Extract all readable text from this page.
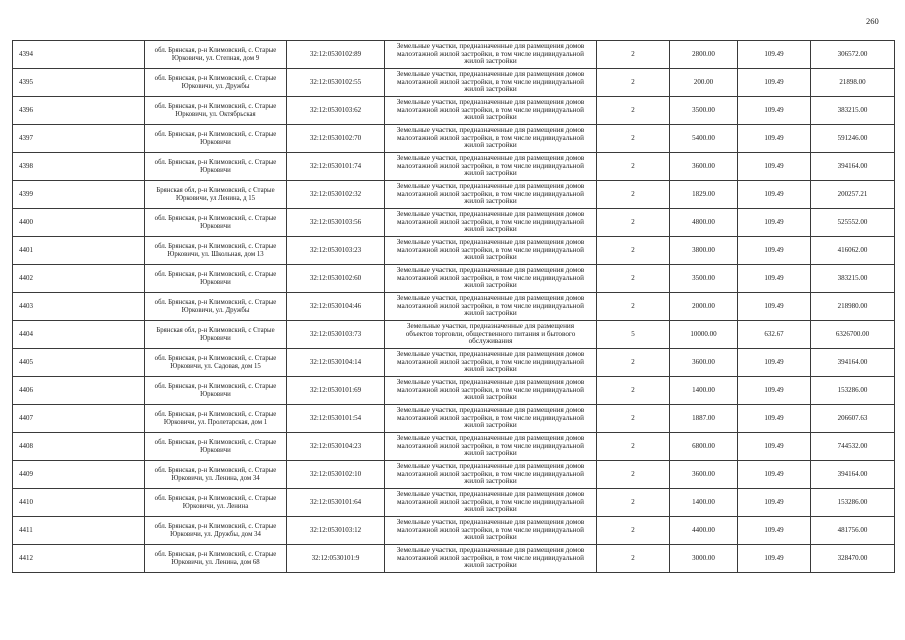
260
4394	обл. Брянская, р-н Климовский, с. Старые
Юрковичи, ул. Степная, дом 9	32:12:0530102:89	Земельные участки, предназначенные для размещения домов
малоэтажной жилой застройки, в том числе индивидуальной
жилой застройки	2	2800.00	109.49	306572.00
4395	обл. Брянская, р-н Климовский, с. Старые
Юрковичи, ул. Дружбы	32:12:0530102:55	Земельные участки, предназначенные для размещения домов
малоэтажной жилой застройки, в том числе индивидуальной
жилой застройки	2	200.00	109.49	21898.00
4396	обл. Брянская, р-н Климовский, с. Старые
Юрковичи, ул. Октябрьская	32:12:0530103:62	Земельные участки, предназначенные для размещения домов
малоэтажной жилой застройки, в том числе индивидуальной
жилой застройки	2	3500.00	109.49	383215.00
4397	обл. Брянская, р-н Климовский, с. Старые
Юрковичи	32:12:0530102:70	Земельные участки, предназначенные для размещения домов
малоэтажной жилой застройки, в том числе индивидуальной
жилой застройки	2	5400.00	109.49	591246.00
4398	обл. Брянская, р-н Климовский, с. Старые
Юрковичи	32:12:0530101:74	Земельные участки, предназначенные для размещения домов
малоэтажной жилой застройки, в том числе индивидуальной
жилой застройки	2	3600.00	109.49	394164.00
4399	Брянская обл, р-н Климовский, с Старые
Юрковичи, ул Ленина, д 15	32:12:0530102:32	Земельные участки, предназначенные для размещения домов
малоэтажной жилой застройки, в том числе индивидуальной
жилой застройки	2	1829.00	109.49	200257.21
4400	обл. Брянская, р-н Климовский, с. Старые
Юрковичи	32:12:0530103:56	Земельные участки, предназначенные для размещения домов
малоэтажной жилой застройки, в том числе индивидуальной
жилой застройки	2	4800.00	109.49	525552.00
4401	обл. Брянская, р-н Климовский, с. Старые
Юрковичи, ул. Школьная, дом 13	32:12:0530103:23	Земельные участки, предназначенные для размещения домов
малоэтажной жилой застройки, в том числе индивидуальной
жилой застройки	2	3800.00	109.49	416062.00
4402	обл. Брянская, р-н Климовский, с. Старые
Юрковичи	32:12:0530102:60	Земельные участки, предназначенные для размещения домов
малоэтажной жилой застройки, в том числе индивидуальной
жилой застройки	2	3500.00	109.49	383215.00
4403	обл. Брянская, р-н Климовский, с. Старые
Юрковичи, ул. Дружбы	32:12:0530104:46	Земельные участки, предназначенные для размещения домов
малоэтажной жилой застройки, в том числе индивидуальной
жилой застройки	2	2000.00	109.49	218980.00
4404	Брянская обл, р-н Климовский, с Старые
Юрковичи	32:12:0530103:73	Земельные участки, предназначенные для размещения
объектов торговли, общественного питания и бытового
обслуживания	5	10000.00	632.67	6326700.00
4405	обл. Брянская, р-н Климовский, с. Старые
Юрковичи, ул. Садовая, дом 15	32:12:0530104:14	Земельные участки, предназначенные для размещения домов
малоэтажной жилой застройки, в том числе индивидуальной
жилой застройки	2	3600.00	109.49	394164.00
4406	обл. Брянская, р-н Климовский, с. Старые
Юрковичи	32:12:0530101:69	Земельные участки, предназначенные для размещения домов
малоэтажной жилой застройки, в том числе индивидуальной
жилой застройки	2	1400.00	109.49	153286.00
4407	обл. Брянская, р-н Климовский, с. Старые
Юрковичи, ул. Пролетарская, дом 1	32:12:0530101:54	Земельные участки, предназначенные для размещения домов
малоэтажной жилой застройки, в том числе индивидуальной
жилой застройки	2	1887.00	109.49	206607.63
4408	обл. Брянская, р-н Климовский, с. Старые
Юрковичи	32:12:0530104:23	Земельные участки, предназначенные для размещения домов
малоэтажной жилой застройки, в том числе индивидуальной
жилой застройки	2	6800.00	109.49	744532.00
4409	обл. Брянская, р-н Климовский, с. Старые
Юрковичи, ул. Ленина, дом 34	32:12:0530102:10	Земельные участки, предназначенные для размещения домов
малоэтажной жилой застройки, в том числе индивидуальной
жилой застройки	2	3600.00	109.49	394164.00
4410	обл. Брянская, р-н Климовский, с. Старые
Юрковичи, ул. Ленина	32:12:0530101:64	Земельные участки, предназначенные для размещения домов
малоэтажной жилой застройки, в том числе индивидуальной
жилой застройки	2	1400.00	109.49	153286.00
4411	обл. Брянская, р-н Климовский, с. Старые
Юрковичи, ул. Дружбы, дом 34	32:12:0530103:12	Земельные участки, предназначенные для размещения домов
малоэтажной жилой застройки, в том числе индивидуальной
жилой застройки	2	4400.00	109.49	481756.00
4412	обл. Брянская, р-н Климовский, с. Старые
Юрковичи, ул. Ленина, дом 68	32:12:0530101:9	Земельные участки, предназначенные для размещения домов
малоэтажной жилой застройки, в том числе индивидуальной
жилой застройки	2	3000.00	109.49	328470.00
